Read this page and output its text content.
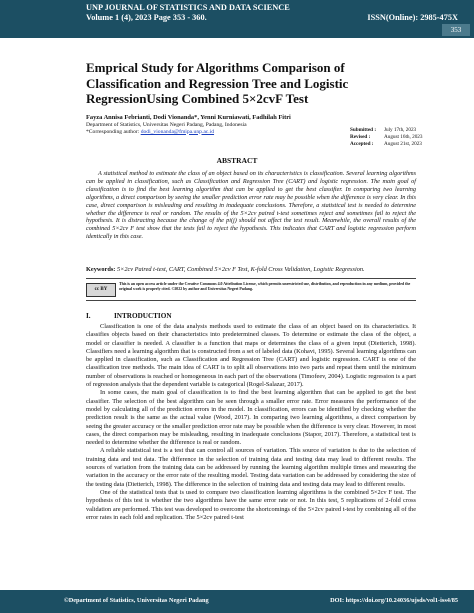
UNP JOURNAL OF STATISTICS AND DATA SCIENCE
Volume 1 (4), 2023 Page 353 - 360.	ISSN(Online): 2985-475X
353
Emprical Study for Algorithms Comparison of Classification and Regression Tree and Logistic RegressionUsing Combined 5×2cvF Test
Fayza Annisa Febrianti, Dodi Vionanda*, Yenni Kurniawati, Fadhilah Fitri
Department of Statistics, Universitas Negeri Padang, Padang, Indonesia
*Corresponding author: dodi_vionanda@fmipa.unp.ac.id	Submitted : July 17th, 2023
Revised :	August 16th, 2023
Accepted : August 21st, 2023
ABSTRACT
A statistical method to estimate the class of an object based on its characteristics is classification. Several learning algorithms can be applied in classification, such as Classification and Regression Tree (CART) and logistic regression. The main goal of classification is to find the best learning algorithm that can be applied to get the best classifier. In comparing two learning algorithms, a direct comparison by seeing the smaller prediction error rate may be possible when the difference is very clear. In this case, direct comparison is misleading and resulting in inadequate conclusions. Therefore, a statistical test is needed to determine whether the difference is real or random. The results of the 5×2cv paired t-test sometimes reject and sometimes fail to reject the hypothesis. It is distracting because the change of the pi(j) should not affect the test result. Meanwhile, the overall results of the combined 5×2cv F test show that the tests fail to reject the hypothesis. This indicates that CART and logistic regression perform identically in this case.
Keywords: 5×2cv Paired t-test, CART, Combined 5×2cv F Test, K-fold Cross Validation, Logistic Regression.
cc BY
This is an open access article under the Creative Commons 4.0 Attribution License, which permits unrestricted use, distribution, and reproduction in any medium, provided the original work is properly cited. ©2022 by author and Universitas Negeri Padang.
I.	INTRODUCTION

Classification is one of the data analysis methods used to estimate the class of an object based on its characteristics. It classifies objects based on their characteristics into predetermined classes. To determine or estimate the class of the object, a model or classifier is needed. A classifier is a function that maps or determines the class of a given input (Dietterich, 1998). Classifiers need a learning algorithm that is constructed from a set of labeled data (Kohavi, 1995). Several learning algorithms can be applied in classification, such as Classification and Regression Tree (CART) and logistic regression. CART is one of the classification tree methods. The main idea of CART is to split all observations into two parts and repeat them until the minimum number of observations is reached or homogeneous in each part of the observations (Timofeev, 2004). Logistic regression is a part of regression analysis that the dependent variable is categorical (Rogel-Salazar, 2017).

In some cases, the main goal of classification is to find the best learning algorithm that can be applied to get the best classifier. The selection of the best algorithm can be seen through a smaller error rate. Error measures the performance of the model by calculating all of the prediction errors in the model. In classification, errors can be identified by checking whether the prediction result is the same as the actual value (Wood, 2017). In comparing two learning algorithms, a direct comparison by seeing the greater accuracy or the smaller prediction error rate may be possible when the difference is very clear. However, in most cases, the direct comparison may be misleading, resulting in inadequate conclusions (Stapor, 2017). Therefore, a statistical test is needed to determine whether the difference is real or random.

A reliable statistical test is a test that can control all sources of variation. This source of variation is due to the selection of training data and test data. The difference in the selection of training data and testing data may lead to different results. The sources of variation from the training data can be addressed by running the learning algorithm multiple times and measuring the variation in the accuracy or the error rate of the resulting model. Testing data variation can be addressed by considering the size of the testing data (Dietterich, 1998). The difference in the selection of training data and testing data may lead to different results.

One of the statistical tests that is used to compare two classification learning algorithms is the combined 5×2cv F test. The hypothesis of this test is whether the two algorithms have the same error rate or not. In this test, 5 replications of 2-fold cross validation are performed. This test was developed to overcome the shortcomings of the 5×2cv paired t-test by combining all of the error rates in each fold and replication. The 5×2cv paired t-test

©Department of Statistics, Universitas Negeri Padang	DOI: https://doi.org/10.24036/ujsds/vol1-iss4/85
